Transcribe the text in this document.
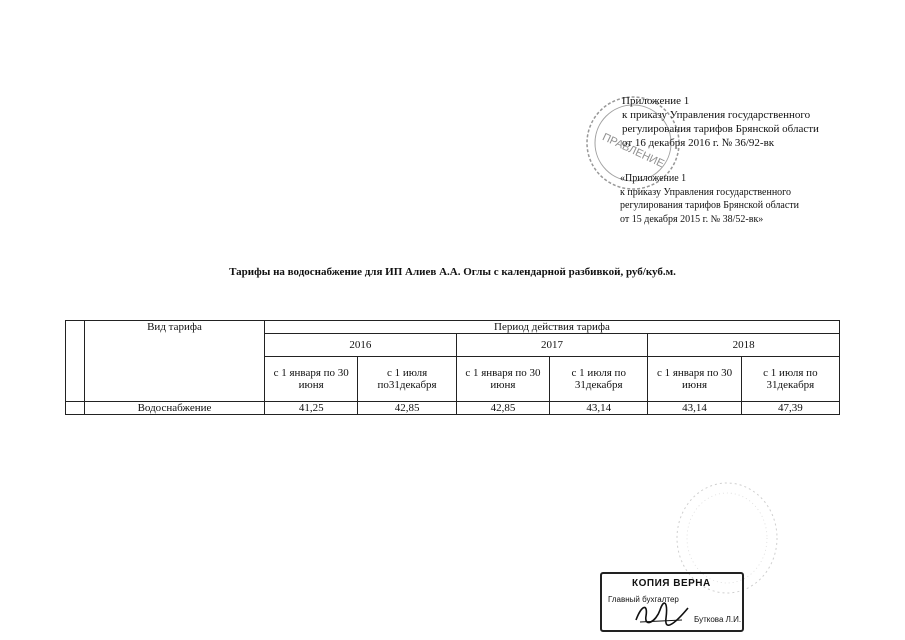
Приложение 1
к приказу Управления государственного
регулирования тарифов Брянской области
от 16 декабря 2016 г. № 36/92-вк
ПРАВЛЕНИЕ
«Приложение 1
к приказу Управления государственного
регулирования тарифов Брянской области
от 15 декабря 2015 г. № 38/52-вк»
Тарифы на водоснабжение для ИП Алиев А.А. Оглы с календарной разбивкой, руб/куб.м.
	Вид тарифа	Период действия тарифа					
		2016		2017		2018	
		с 1 января по 30 июня	с 1 июля по31декабря	с 1 января по 30 июня	с 1 июля по 31декабря	с 1 января по 30 июня	с 1 июля по 31декабря
	Водоснабжение	41,25	42,85	42,85	43,14	43,14	47,39
КОПИЯ ВЕРНА
Главный бухгалтер
Буткова Л.И.
